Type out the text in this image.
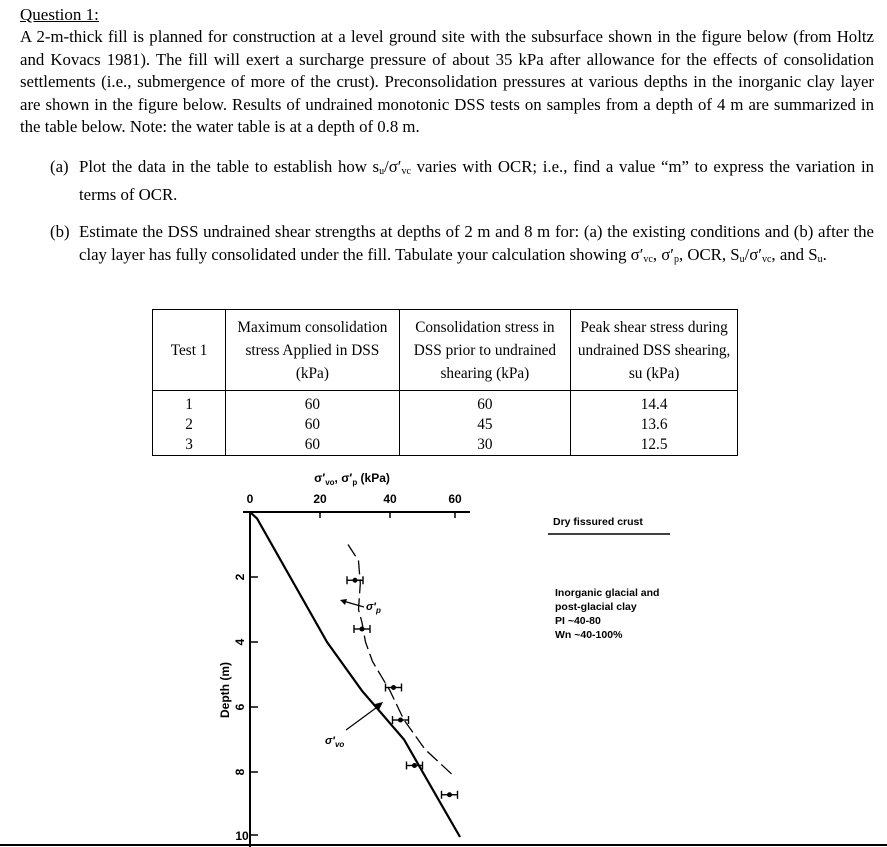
Question 1:
A 2-m-thick fill is planned for construction at a level ground site with the subsurface shown in the figure below (from Holtz and Kovacs 1981). The fill will exert a surcharge pressure of about 35 kPa after allowance for the effects of consolidation settlements (i.e., submergence of more of the crust). Preconsolidation pressures at various depths in the inorganic clay layer are shown in the figure below. Results of undrained monotonic DSS tests on samples from a depth of 4 m are summarized in the table below. Note: the water table is at a depth of 0.8 m.
(a) Plot the data in the table to establish how $s_u/\sigma'_{vc}$ varies with OCR; i.e., find a value “m” to express the variation in terms of OCR.
(b) Estimate the DSS undrained shear strengths at depths of 2 m and 8 m for: (a) the existing conditions and (b) after the clay layer has fully consolidated under the fill. Tabulate your calculation showing $\sigma'_{vc}$, $\sigma'_p$, OCR, $S_u/\sigma'_{vc}$, and $S_u$.
Test 1	Maximum consolidation stress Applied in DSS (kPa)	Consolidation stress in DSS prior to undrained shearing (kPa)	Peak shear stress during undrained DSS shearing, su (kPa)
1	60	60	14.4
2	60	45	13.6
3	60	30	12.5
$\sigma'_{vo}$, $\sigma'_p$ (kPa)
σ′vo, σ′p (kPa)
0	20	40	60
2
4
6
8
10
Depth (m)
$\sigma'_p$
$\sigma'_{vo}$
Dry fissured crust
Inorganic glacial and
post-glacial clay
PI ~40-80
Wn ~40-100%
